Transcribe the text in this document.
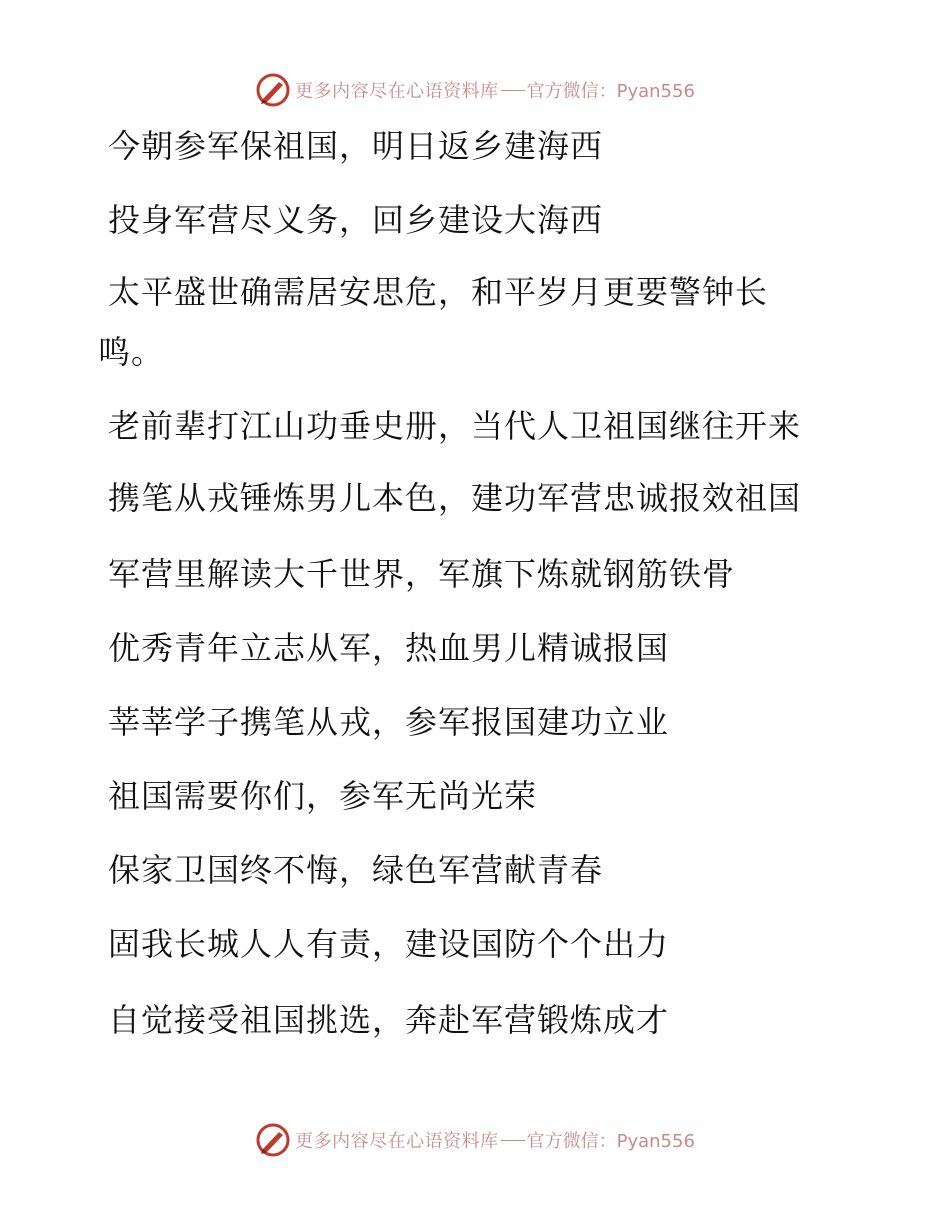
更多内容尽在心语资料库 官方微信：Pyan556
今朝参军保祖国，明日返乡建海西
投身军营尽义务，回乡建设大海西
太平盛世确需居安思危，和平岁月更要警钟长
鸣。
老前辈打江山功垂史册，当代人卫祖国继往开来
携笔从戎锤炼男儿本色，建功军营忠诚报效祖国
军营里解读大千世界，军旗下炼就钢筋铁骨
优秀青年立志从军，热血男儿精诚报国
莘莘学子携笔从戎，参军报国建功立业
祖国需要你们，参军无尚光荣
保家卫国终不悔，绿色军营献青春
固我长城人人有责，建设国防个个出力
自觉接受祖国挑选，奔赴军营锻炼成才
更多内容尽在心语资料库 官方微信：Pyan556
